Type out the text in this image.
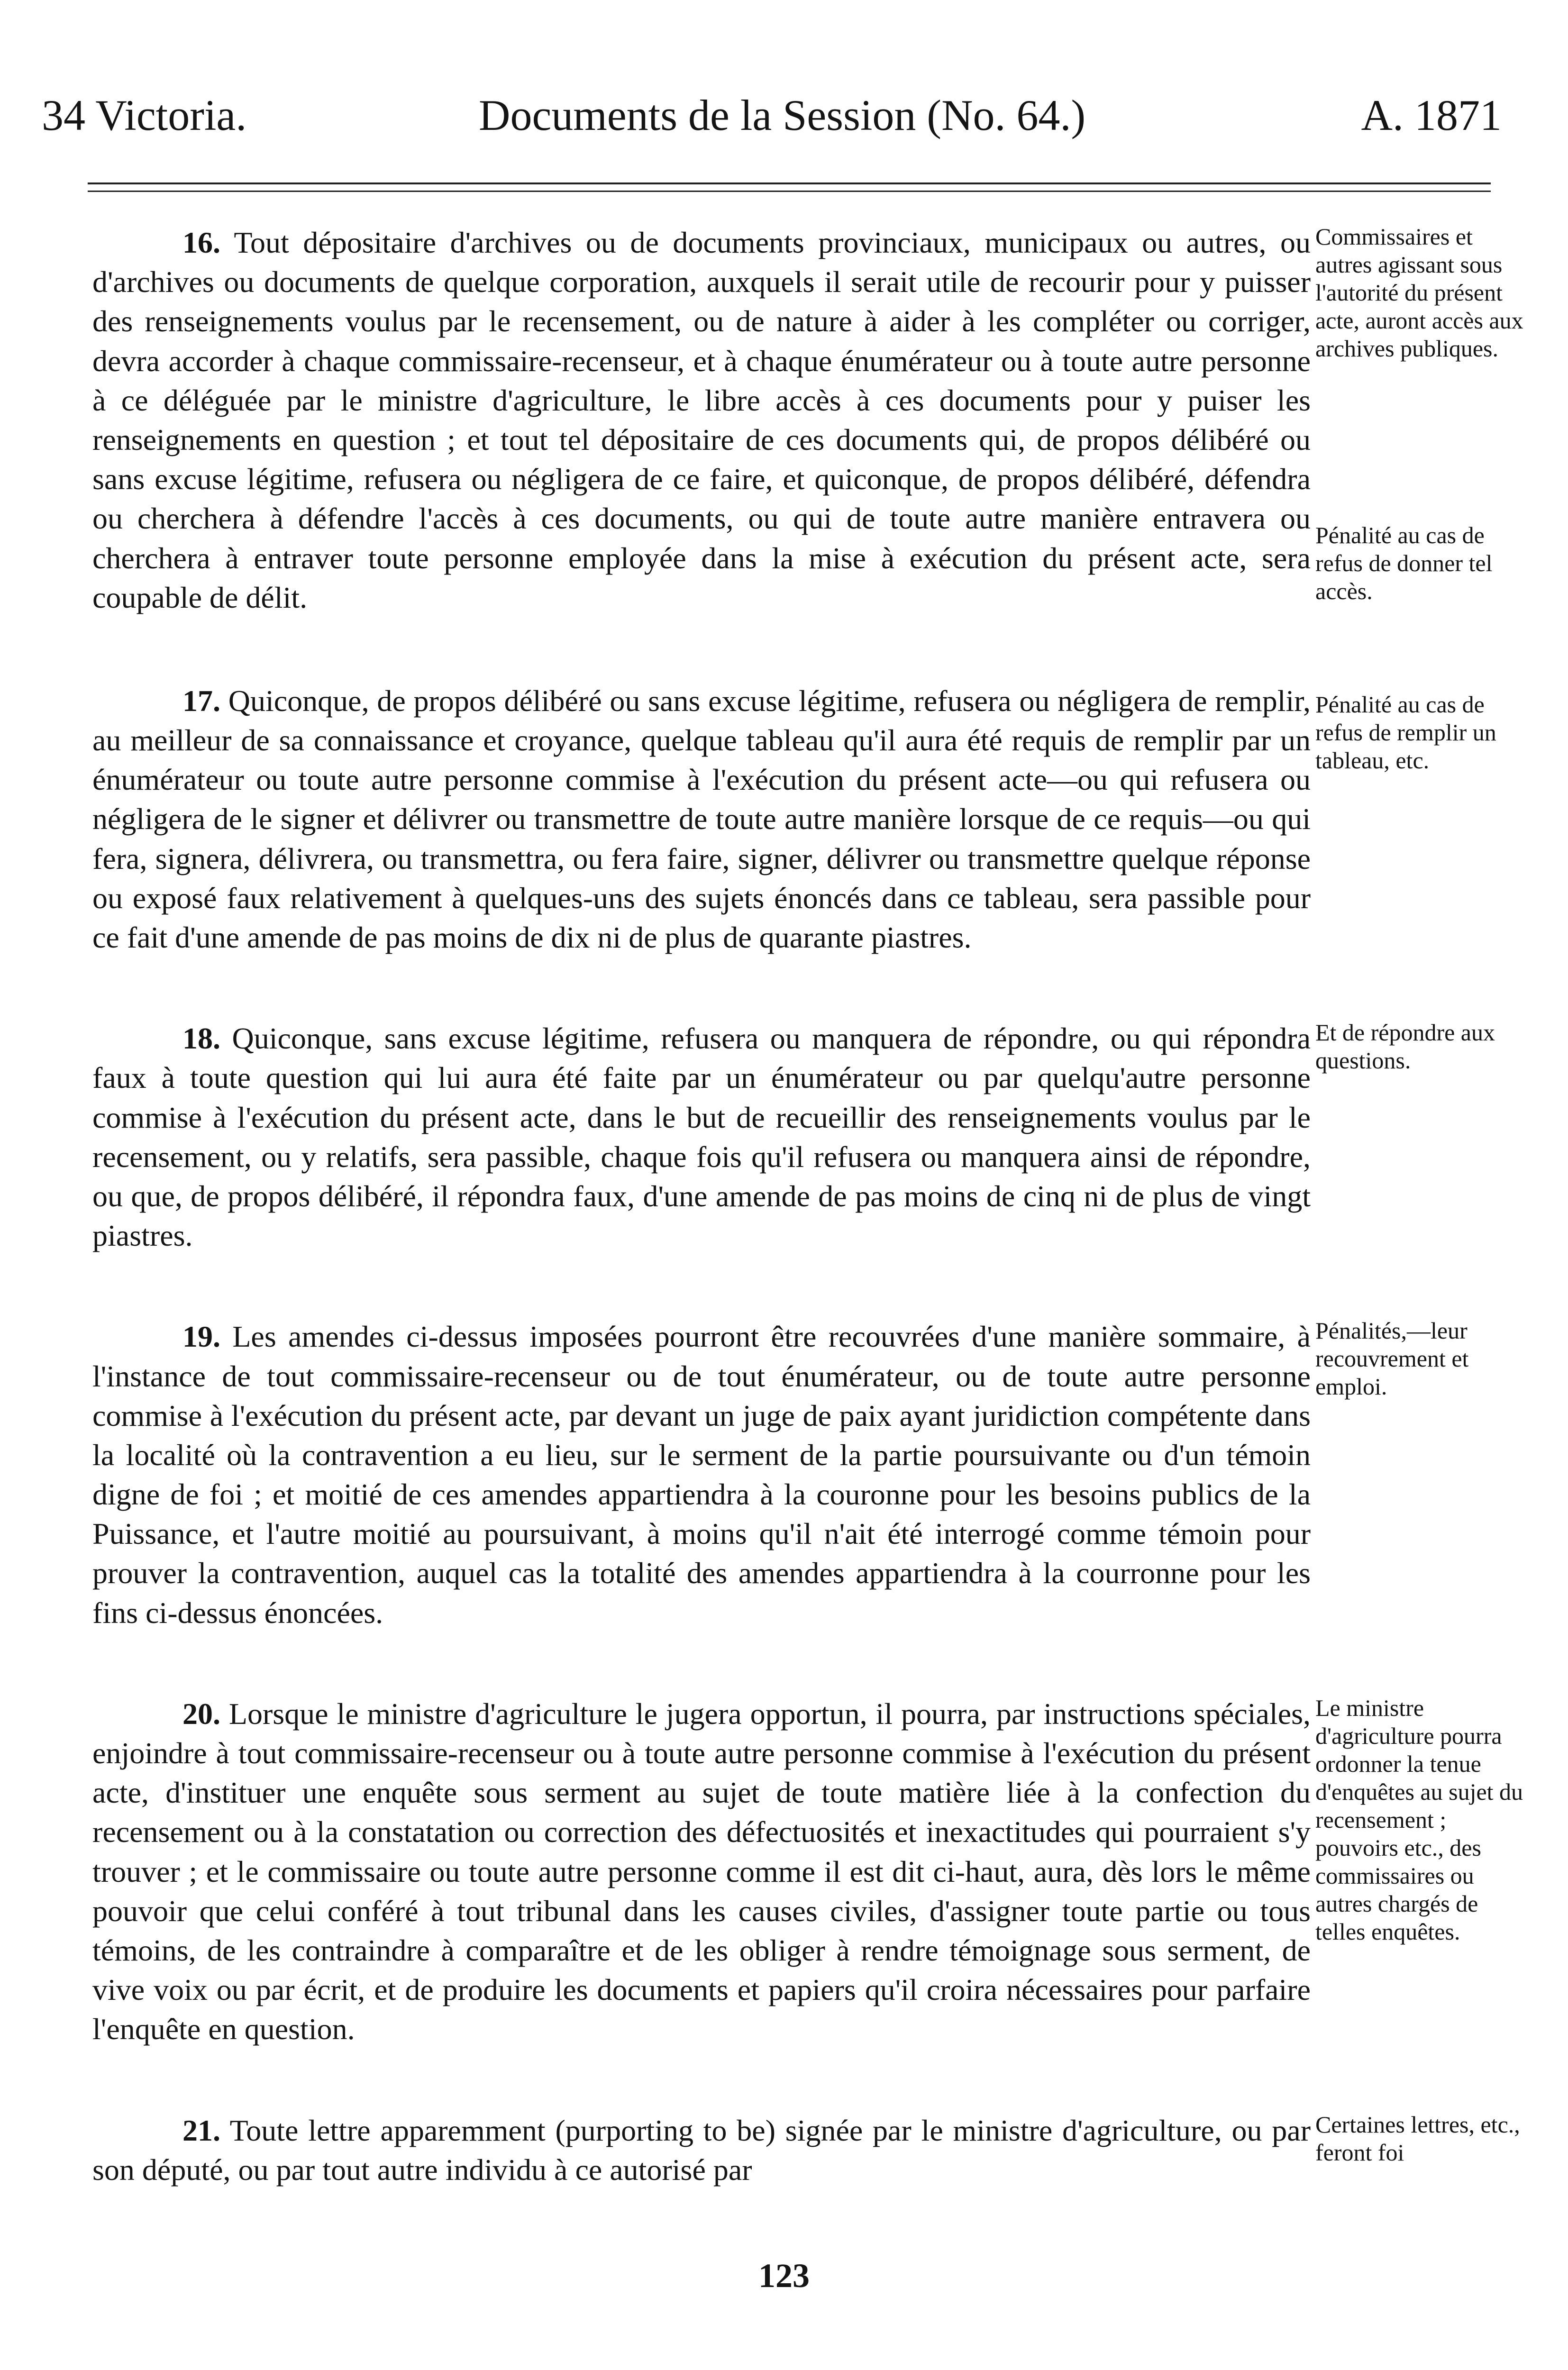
34 Victoria.	Documents de la Session (No. 64.)	A. 1871

16. Tout dépositaire d'archives ou de documents provinciaux, municipaux ou autres, ou d'archives ou documents de quelque corporation, auxquels il serait utile de recourir pour y puisser des renseignements voulus par le recensement, ou de nature à aider à les compléter ou corriger, devra accorder à chaque commissaire-recenseur, et à chaque énumérateur ou à toute autre personne à ce déléguée par le ministre d'agriculture, le libre accès à ces documents pour y puiser les renseignements en question ; et tout tel dépositaire de ces documents qui, de propos délibéré ou sans excuse légitime, refusera ou négligera de ce faire, et quiconque, de propos délibéré, défendra ou cherchera à défendre l'accès à ces documents, ou qui de toute autre manière entravera ou cherchera à entraver toute personne employée dans la mise à exécution du présent acte, sera coupable de délit.

Commissaires et autres agissant sous l'autorité du présent acte, auront accès aux archives publiques.
Pénalité au cas de refus de donner tel accès.

17. Quiconque, de propos délibéré ou sans excuse légitime, refusera ou négligera de remplir, au meilleur de sa connaissance et croyance, quelque tableau qu'il aura été requis de remplir par un énumérateur ou toute autre personne commise à l'exécution du présent acte—ou qui refusera ou négligera de le signer et délivrer ou transmettre de toute autre manière lorsque de ce requis—ou qui fera, signera, délivrera, ou transmettra, ou fera faire, signer, délivrer ou transmettre quelque réponse ou exposé faux relativement à quelques-uns des sujets énoncés dans ce tableau, sera passible pour ce fait d'une amende de pas moins de dix ni de plus de quarante piastres.

Pénalité au cas de refus de remplir un tableau, etc.

18. Quiconque, sans excuse légitime, refusera ou manquera de répondre, ou qui répondra faux à toute question qui lui aura été faite par un énumérateur ou par quelqu'autre personne commise à l'exécution du présent acte, dans le but de recueillir des renseignements voulus par le recensement, ou y relatifs, sera passible, chaque fois qu'il refusera ou manquera ainsi de répondre, ou que, de propos délibéré, il répondra faux, d'une amende de pas moins de cinq ni de plus de vingt piastres.

Et de répondre aux questions.

19. Les amendes ci-dessus imposées pourront être recouvrées d'une manière sommaire, à l'instance de tout commissaire-recenseur ou de tout énumérateur, ou de toute autre personne commise à l'exécution du présent acte, par devant un juge de paix ayant juridiction compétente dans la localité où la contravention a eu lieu, sur le serment de la partie poursuivante ou d'un témoin digne de foi ; et moitié de ces amendes appartiendra à la couronne pour les besoins publics de la Puissance, et l'autre moitié au poursuivant, à moins qu'il n'ait été interrogé comme témoin pour prouver la contravention, auquel cas la totalité des amendes appartiendra à la courronne pour les fins ci-dessus énoncées.

Pénalités,—leur recouvrement et emploi.

20. Lorsque le ministre d'agriculture le jugera opportun, il pourra, par instructions spéciales, enjoindre à tout commissaire-recenseur ou à toute autre personne commise à l'exécution du présent acte, d'instituer une enquête sous serment au sujet de toute matière liée à la confection du recensement ou à la constatation ou correction des défectuosités et inexactitudes qui pourraient s'y trouver ; et le commissaire ou toute autre personne comme il est dit ci-haut, aura, dès lors le même pouvoir que celui conféré à tout tribunal dans les causes civiles, d'assigner toute partie ou tous témoins, de les contraindre à comparaître et de les obliger à rendre témoignage sous serment, de vive voix ou par écrit, et de produire les documents et papiers qu'il croira nécessaires pour parfaire l'enquête en question.

Le ministre d'agriculture pourra ordonner la tenue d'enquêtes au sujet du recensement ; pouvoirs etc., des commissaires ou autres chargés de telles enquêtes.

21. Toute lettre apparemment (purporting to be) signée par le ministre d'agriculture, ou par son député, ou par tout autre individu à ce autorisé par

Certaines lettres, etc., feront foi
123
